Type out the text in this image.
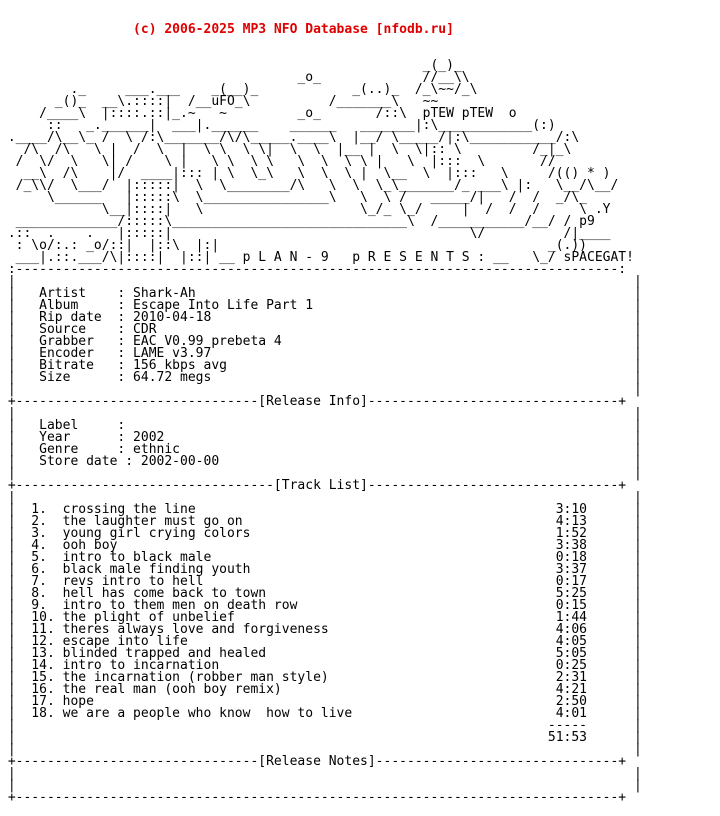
(c) 2006-2025 MP3 NFO Database [nfodb.ru]

_(_)_
_o_             //__\\
._     ___.___    _(__)_            _(..)_  /_\~~/_\
_()_  __\.::::|  /__uFO_\          /_______\   ~~
/____\  |::::.::|_.~   ~         _o_       /::\  pTEW pTEW  o
::   _.______|  ___|.______    ______   _______|:\____________(:)
.____/\__\_ /  \ /:\_______/\/\_____.____\  |__/ \_____/|:\___________/:\
/\  /\   \ |  /  \  |  \ \  \ \|  \  \  |__ |  \  \|:: \         /_|_\
/  \/  \   \| /    \ |   \ \  \ \   \  \  \ \ |   \  |:::  \       //
__\  /\    |/  ____|::: | \  \_\   \  \  \ |  \__  \  |:::   \     /(() * )
/_\\/  \___/  |:::::|  \  \________/\   \  \  \_\_______/_ ___\ |:   \__/\__/
\______   |:::::\  \________________\   \  \ /   _____/|   /  /  _/\_
\__|::::|   \                    \_/_ \_/     |  /  /  /     \ .Y
_____________/:::::\______________________________\  /___________/__/ / p9
.::  .    .   |:::::|                                      \/          /|____
: \o/:.: _o/::|  |::\  |:|                                          _(.))
___|.::.___/\|::::|  |::| __ p L A N - 9   p R E S E N T S : __   \_/ sPACEGAT!
:-----------------------------------------------------------------------------:
|                                                                               |
|   Artist    : Shark-Ah                                                        |
|   Album     : Escape Into Life Part 1                                         |
|   Rip date  : 2010-04-18                                                      |
|   Source    : CDR                                                             |
|   Grabber   : EAC V0.99 prebeta 4                                             |
|   Encoder   : LAME v3.97                                                      |
|   Bitrate   : 156 kbps avg                                                    |
|   Size      : 64.72 megs                                                      |
|                                                                               |
+-------------------------------[Release Info]--------------------------------+
|                                                                               |
|   Label     :                                                                 |
|   Year      : 2002                                                            |
|   Genre     : ethnic                                                          |
|   Store date : 2002-00-00                                                     |
|                                                                               |
+---------------------------------[Track List]--------------------------------+
|                                                                               |
|  1.  crossing the line                                              3:10      |
|  2.  the laughter must go on                                        4:13      |
|  3.  young girl crying colors                                       1:52      |
|  4.  ooh boy                                                        3:38      |
|  5.  intro to black male                                            0:18      |
|  6.  black male finding youth                                       3:37      |
|  7.  revs intro to hell                                             0:17      |
|  8.  hell has come back to town                                     5:25      |
|  9.  intro to them men on death row                                 0:15      |
|  10. the plight of unbelief                                         1:44      |
|  11. theres always love and forgiveness                             4:06      |
|  12. escape into life                                               4:05      |
|  13. blinded trapped and healed                                     5:05      |
|  14. intro to incarnation                                           0:25      |
|  15. the incarnation (robber man style)                             2:31      |
|  16. the real man (ooh boy remix)                                   4:21      |
|  17. hope                                                           2:50      |
|  18. we are a people who know  how to live                          4:01      |
|                                                                    -----      |
|                                                                    51:53      |
|                                                                               |
+-------------------------------[Release Notes]-------------------------------+
|                                                                               |
|                                                                               |
+-----------------------------------------------------------------------------+
